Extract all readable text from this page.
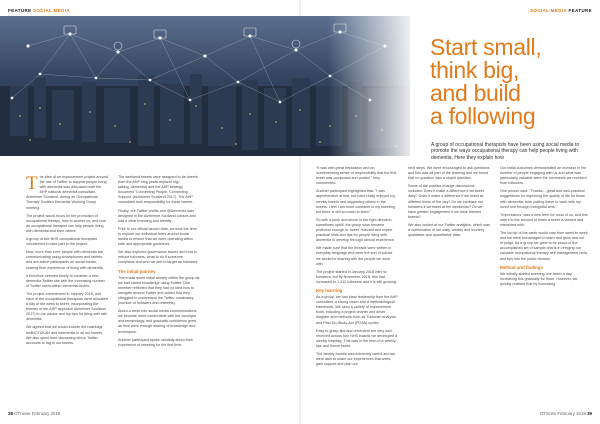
FEATURE SOCIAL MEDIA	SOCIAL MEDIA FEATURE
Start small,
think big,
and build
a following

A group of occupational therapists have been using social media to promote the ways occupational therapy can help people living with dementia. Here they explain how

The idea of an improvement project around the use of Twitter to support people living with dementia was discussed with the AHP national dementia consultant, Alzheimer Scotland, during an Occupational Therapy Scottish Dementia Working Group meeting.

The project would focus on the promotion of occupational therapy, how to access us, and how an occupational therapist can help people living with dementia and their carers.

A group of five NHS occupational therapists volunteered to take part in the project.

Now, more than ever, people with dementia are communicating using smartphones and tablets and are active participants on social media, sharing their experience of living with dementia.

It therefore seemed timely to consider a new dementia Twitter site with the increasing number of Twitter users within dementia circles.

The project commenced in January 2018, and each of the occupational therapists were allocated a day of the week to tweet, incorporating the themes of the AHP approach Alzheimer Scotland 2017) to our advice and top tips for living well with dementia.

We agreed that we would include the hashtags #withOTUKAN and #dementia in all our tweets. We also spent time discussing which Twitter accounts to tag in our tweets.

The weekend tweets were assigned to be tweets from the AHP blog (www.ahpscot.org/ talking_dementia) and the AHP strategy document 'Connecting People, Connecting Support' (Alzheimer Scotland 2017). The AHP consultant took responsibility for these tweets.

Finally, our Twitter profile and @Dementia was designed in the Alzheimer Scotland colours and had a clear branding and identity.

Prior to our official launch date, we took the time to explore our individual fears around social media to ensure that we were operating within safe and appropriate guidelines.

We also explored governance issues and how to reduce followers, what to do if someone complains and who we aim to target as followers.

The initial journey

There was some initial anxiety within the group as we had varied knowledge using Twitter. One member reflected that they had no idea how to navigate around Twitter and added that they struggled to understand the Twitter vocabulary (number of followers and retweets).

About a week into social media communications we became more comfortable with the concepts and terminology, and gradually confidence grew as time went through sharing of knowledge and techniques.

Another participant spoke candidly about their experience of tweeting for the first time.

"It was with great trepidation and an overwhelming sense of responsibility that the first tweet was composed and posted," they commented.

Another participant highlighted that: "I was apprehensive at first, but have really enjoyed my weekly tweets and supporting others in the tweets. I feel I am more confident in my tweeting but there is still so much to learn."

So with a push and shove in the right direction, sometimes uphill, the group soon became proficient enough to 'tweet' relevant and expert practical hints and tips for people living with dementia to develop through clinical experience.

We made sure that the threads were written in everyday language and were the sort of advice we would be sharing with the people we work with.

The project started in January 2018 with no followers, but by November 2018, this had increased to 1,412 followers and it is still growing.

Key learning

As a group, we had clear leadership from the AHP consultant, a strong vision and a methodological framework. We used a variety of improvement tools, including a project charter and driver diagram and methods such as Tuckman analysis and Plan-Do-Study-Act (PDSA) cycles.

Easy to grasp tips and reminders are very well received across four NHS boards we developed a weekly hashtag. This was in the form of a weekly tips and theme tweet.

The weekly huddle was extremely useful and we were able to share our experiences that week, gain support and plan our

next steps. We were encouraged to ask questions and this was all part of the learning and we found that no question was a stupid question.

Some of the positive change discussions included: Does it make a difference if we tweet daily? Does it make a difference if we tweet at different times of the day? Do we increase our followers if we tweet at the weekends? Do we have greater engagement if we have themed tweets?

We also looked at our Twitter analytics, which was a combination of our daily, weekly and monthly qualitative and quantitative data.

Our initial outcomes demonstrated an increase in the number of people engaging with us and what was particularly valuable were the comments we received from followers.

One person said: "Thanks... great and well-practical suggestions for improving the quality of life for those with dementia, from putting these to work with my loved one through thoughtful lens."

"Impressions" was a new term for most of us, and this refers to the amount of times a tweet is viewed and interacted with.

The top tip of the week would vary from week to week and we were encouraged to learn and grow and not to judge. As a group we grew to be proud of the accomplished set of sample charts in bringing our valuable occupational therapy self-management hints and tips into the public domain.

Method and findings

We initially started tweeting one tweet a day, increasing this gradually for three. However, we quickly realised that by increasing

38 OTnews February 2019	OTnews February 2019 39
